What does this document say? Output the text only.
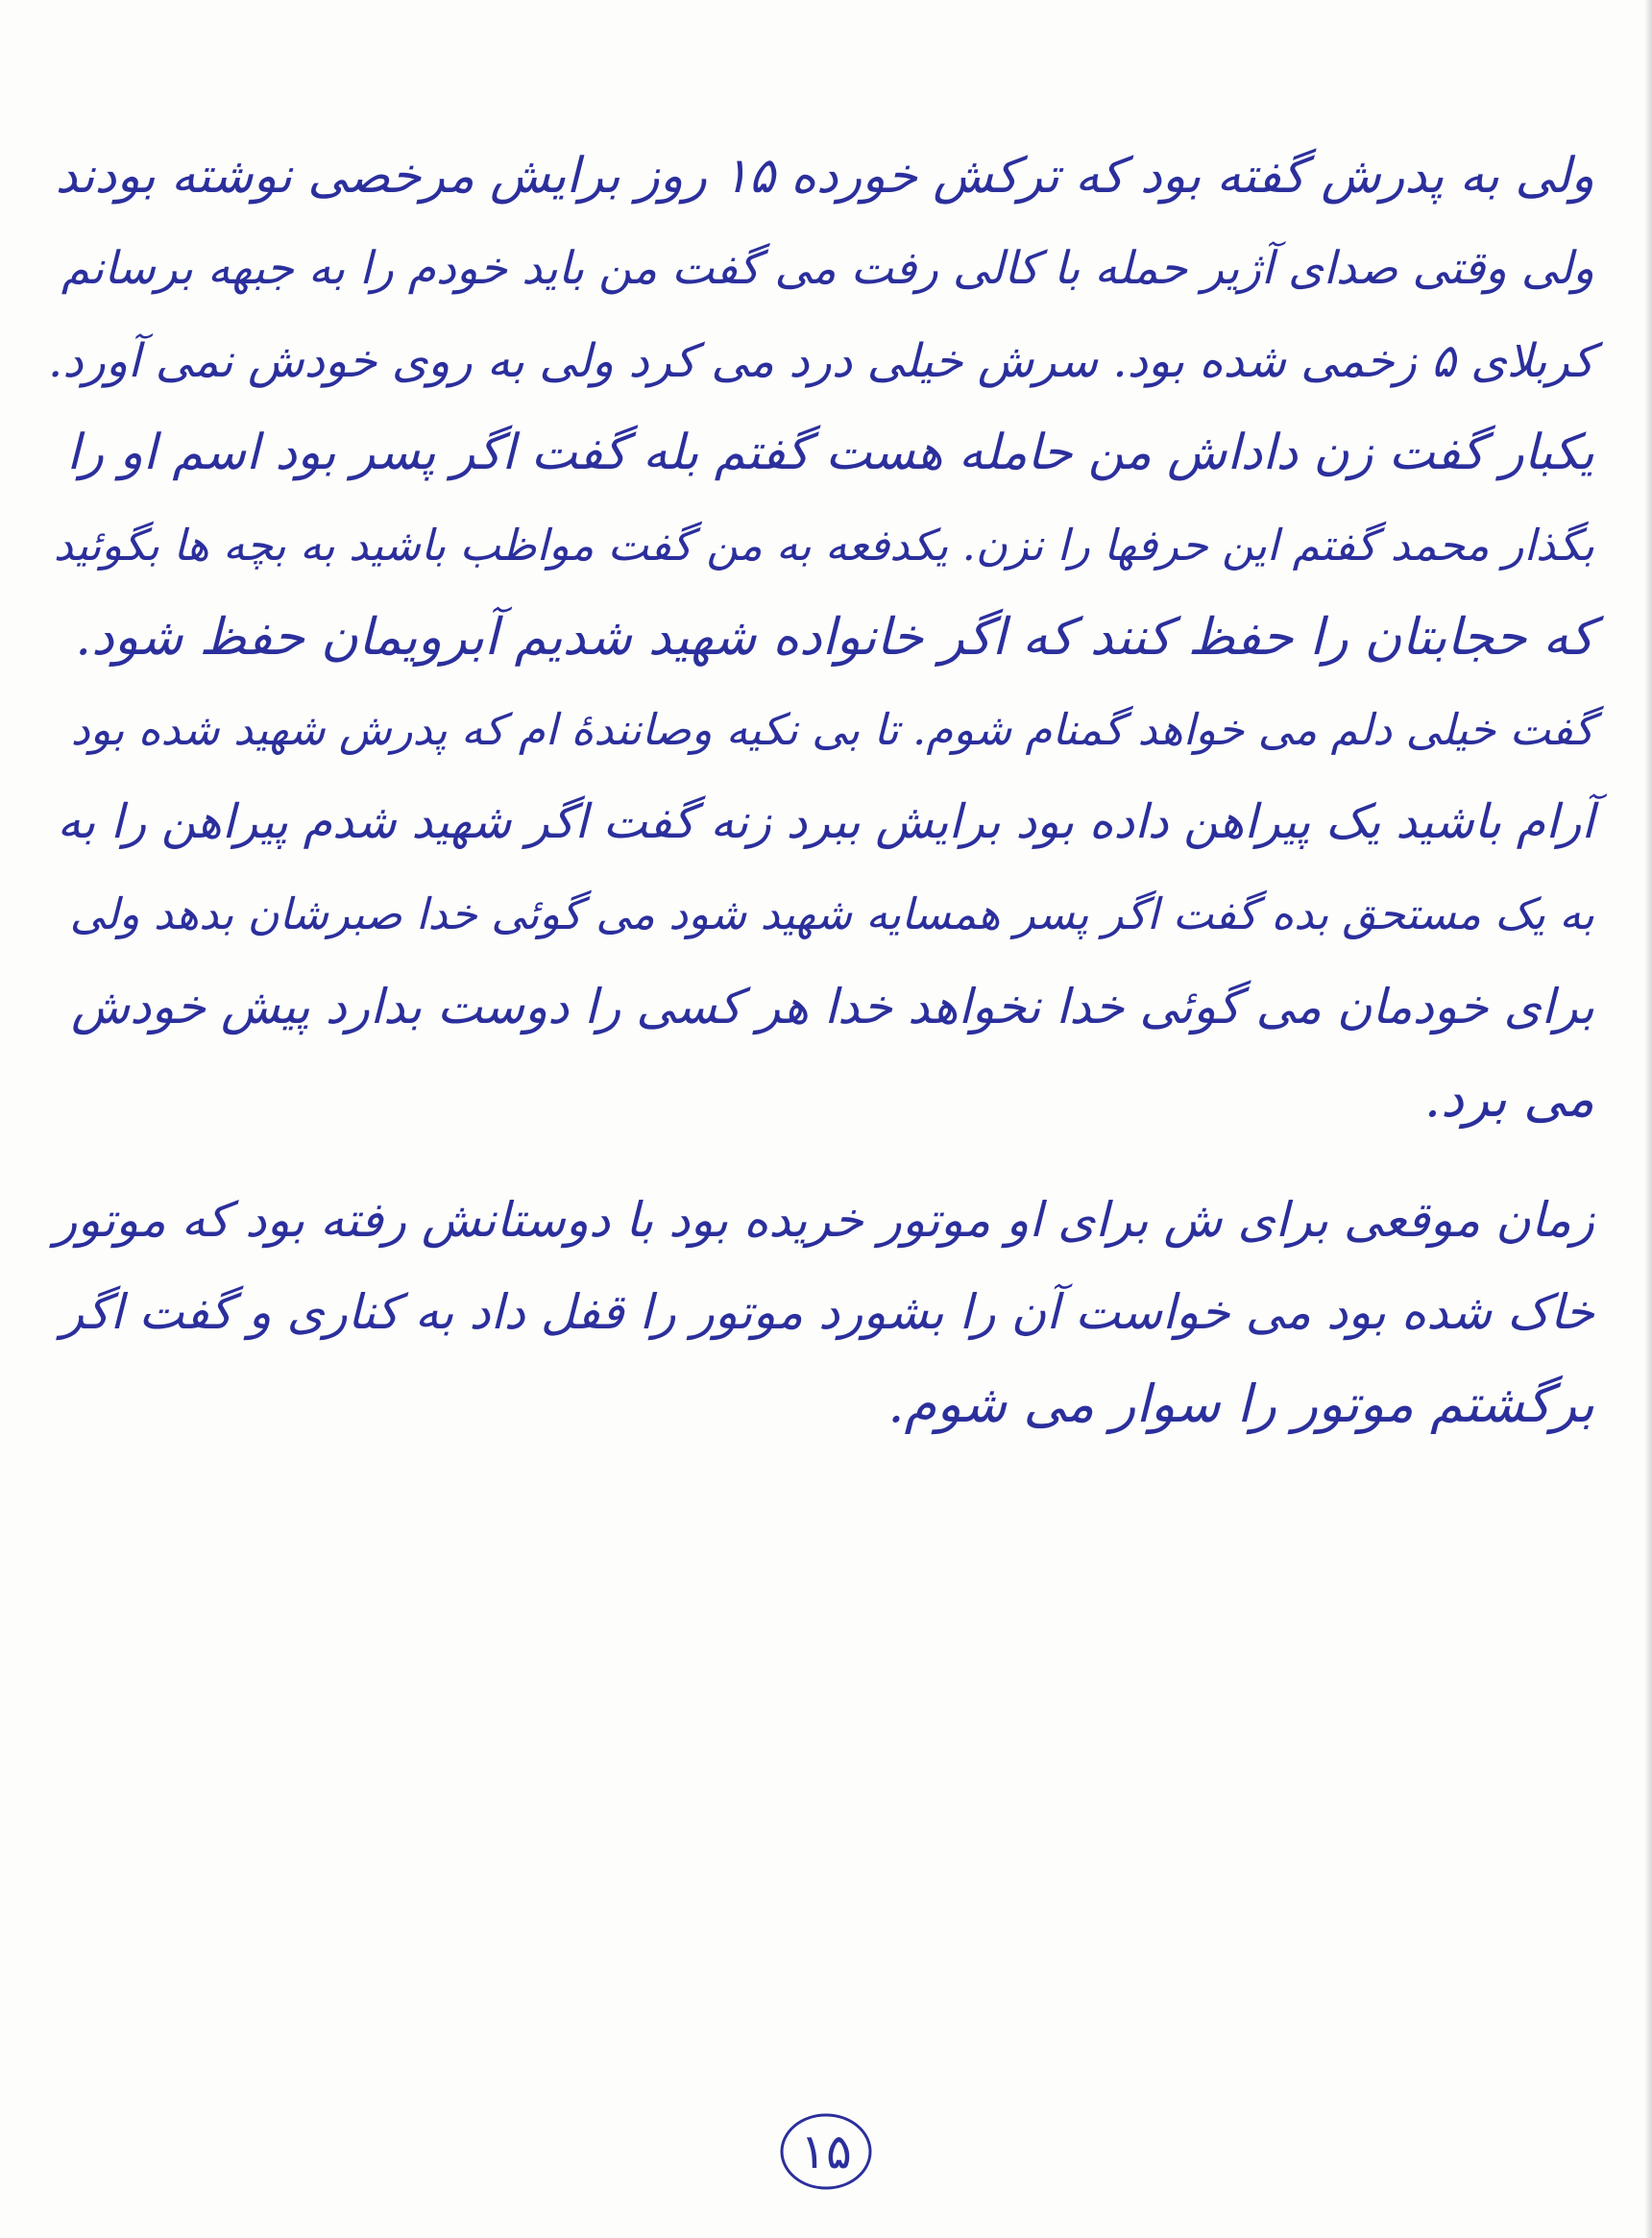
ولی به پدرش گفته بود که ترکش خورده ۱۵ روز برایش مرخصی نوشته بودند

ولی وقتی صدای آژیر حمله با کالی رفت می گفت من باید خودم را به جبهه برسانم

کربلای ۵ زخمی شده بود. سرش خیلی درد می کرد ولی به روی خودش نمی آورد.

یکبار گفت زن داداش من حامله هست گفتم بله گفت اگر پسر بود اسم او را

بگذار محمد گفتم این حرفها را نزن. یکدفعه به من گفت مواظب باشید به بچه ها بگوئید

که حجابتان را حفظ کنند که اگر خانواده شهید شدیم آبرویمان حفظ شود.

گفت خیلی دلم می خواهد گمنام شوم. تا بی نکیه وصانندهٔ ام که پدرش شهید شده بود

آرام باشید یک پیراهن داده بود برایش ببرد زنه گفت اگر شهید شدم پیراهن را به

به یک مستحق بده گفت اگر پسر همسایه شهید شود می گوئی خدا صبرشان بدهد ولی

برای خودمان می گوئی خدا نخواهد خدا هر کسی را دوست بدارد پیش خودش

می برد.

زمان موقعی برای ش برای او موتور خریده بود با دوستانش رفته بود که موتور

خاک شده بود می خواست آن را بشورد موتور را قفل داد به کناری و گفت اگر

برگشتم موتور را سوار می شوم.

۱۵
